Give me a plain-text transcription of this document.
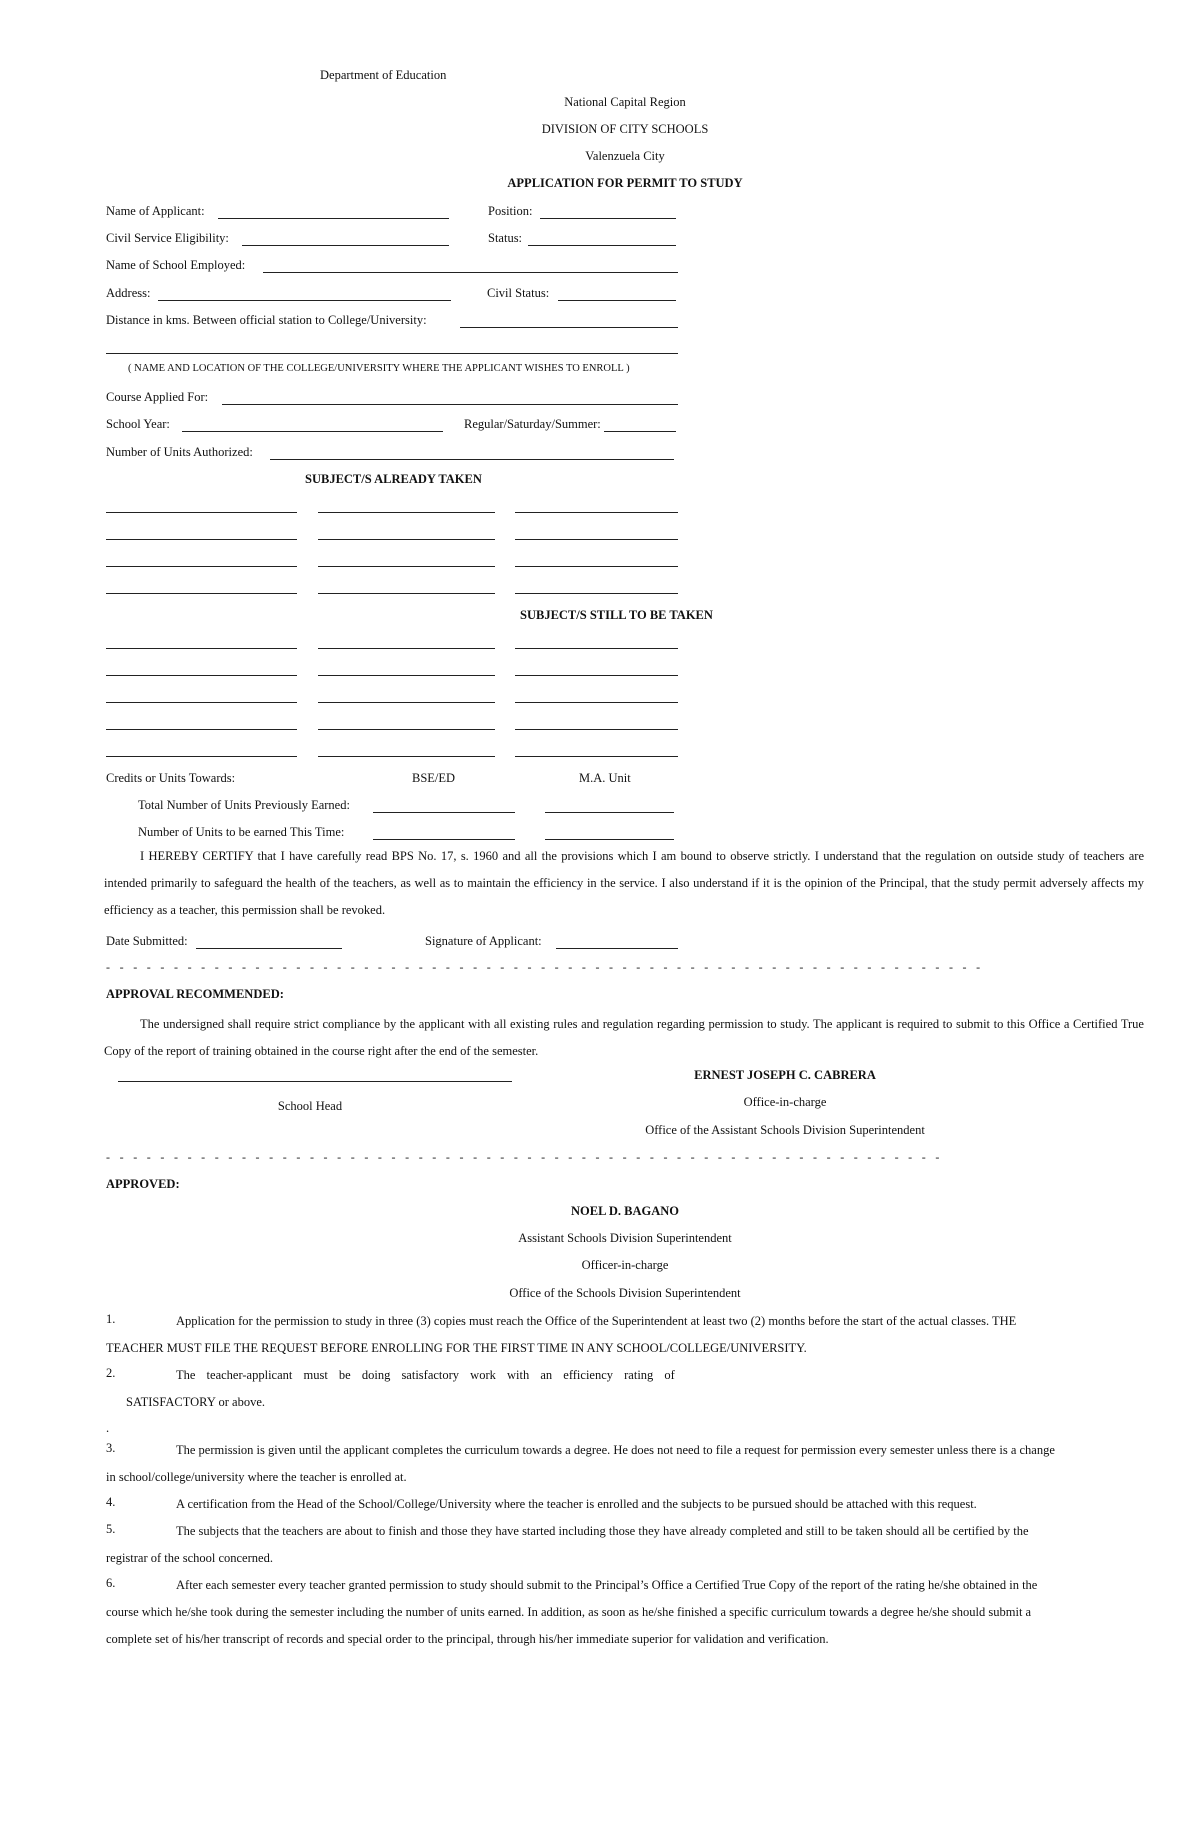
Department of Education
National Capital Region
DIVISION OF CITY SCHOOLS
Valenzuela City
APPLICATION FOR PERMIT TO STUDY
Name of Applicant:	Position:
Civil Service Eligibility:	Status:
Name of School Employed:
Address:	Civil Status:
Distance in kms. Between official station to College/University:
( NAME AND LOCATION OF THE COLLEGE/UNIVERSITY WHERE THE APPLICANT WISHES TO ENROLL )
Course Applied For:
School Year:	Regular/Saturday/Summer:
Number of Units Authorized:
SUBJECT/S ALREADY TAKEN
SUBJECT/S STILL TO BE TAKEN
Credits or Units Towards:	BSE/ED	M.A. Unit
Total Number of Units Previously Earned:
Number of Units to be earned This Time:
I HEREBY CERTIFY that I have carefully read BPS No. 17, s. 1960 and all the provisions which I am bound to observe strictly. I understand that the regulation on outside study of teachers are intended primarily to safeguard the health of the teachers, as well as to maintain the efficiency in the service. I also understand if it is the opinion of the Principal, that the study permit adversely affects my efficiency as a teacher, this permission shall be revoked.
Date Submitted:	Signature of Applicant:
- - - - - - - - - - - - - - - - - - - - - - - - - - - - - - - - - - - - - - - - - - - - - - - - - - - - - - - - - - - - - - - - -
APPROVAL RECOMMENDED:
The undersigned shall require strict compliance by the applicant with all existing rules and regulation regarding permission to study. The applicant is required to submit to this Office a Certified True Copy of the report of training obtained in the course right after the end of the semester.
School Head
ERNEST JOSEPH C. CABRERA
Office-in-charge
Office of the Assistant Schools Division Superintendent
- - - - - - - - - - - - - - - - - - - - - - - - - - - - - - - - - - - - - - - - - - - - - - - - - - - - - - - - - - - - - -
APPROVED:
NOEL D. BAGANO
Assistant Schools Division Superintendent
Officer-in-charge
Office of the Schools Division Superintendent
1.	Application for the permission to study in three (3) copies must reach the Office of the Superintendent at least two (2) months before the start of the actual classes. THE
TEACHER MUST FILE THE REQUEST BEFORE ENROLLING FOR THE FIRST TIME IN ANY SCHOOL/COLLEGE/UNIVERSITY.
2.	The teacher-applicant must be doing satisfactory work with an efficiency rating of
SATISFACTORY or above.
.
3.	The permission is given until the applicant completes the curriculum towards a degree. He does not need to file a request for permission every semester unless there is a change
in school/college/university where the teacher is enrolled at.
4.	A certification from the Head of the School/College/University where the teacher is enrolled and the subjects to be pursued should be attached with this request.
5.	The subjects that the teachers are about to finish and those they have started including those they have already completed and still to be taken should all be certified by the
registrar of the school concerned.
6.	After each semester every teacher granted permission to study should submit to the Principal’s Office a Certified True Copy of the report of the rating he/she obtained in the
course which he/she took during the semester including the number of units earned. In addition, as soon as he/she finished a specific curriculum towards a degree he/she should submit a
complete set of his/her transcript of records and special order to the principal, through his/her immediate superior for validation and verification.
